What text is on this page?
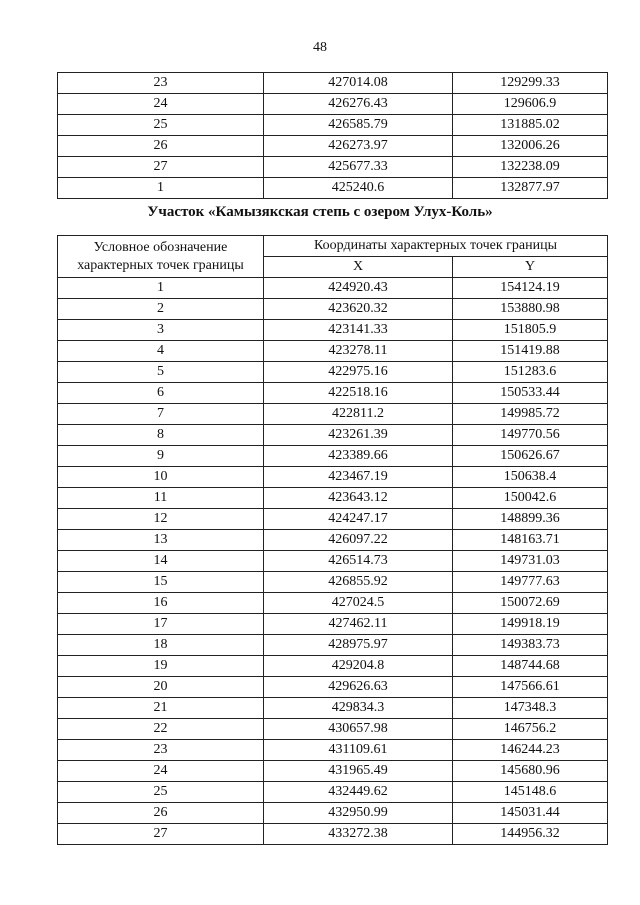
48
23	427014.08	129299.33
24	426276.43	129606.9
25	426585.79	131885.02
26	426273.97	132006.26
27	425677.33	132238.09
1	425240.6	132877.97
Участок «Камызякская степь с озером Улух-Коль»
Условное обозначение характерных точек границы	Координаты характерных точек границы	
	X	Y
1	424920.43	154124.19
2	423620.32	153880.98
3	423141.33	151805.9
4	423278.11	151419.88
5	422975.16	151283.6
6	422518.16	150533.44
7	422811.2	149985.72
8	423261.39	149770.56
9	423389.66	150626.67
10	423467.19	150638.4
11	423643.12	150042.6
12	424247.17	148899.36
13	426097.22	148163.71
14	426514.73	149731.03
15	426855.92	149777.63
16	427024.5	150072.69
17	427462.11	149918.19
18	428975.97	149383.73
19	429204.8	148744.68
20	429626.63	147566.61
21	429834.3	147348.3
22	430657.98	146756.2
23	431109.61	146244.23
24	431965.49	145680.96
25	432449.62	145148.6
26	432950.99	145031.44
27	433272.38	144956.32
